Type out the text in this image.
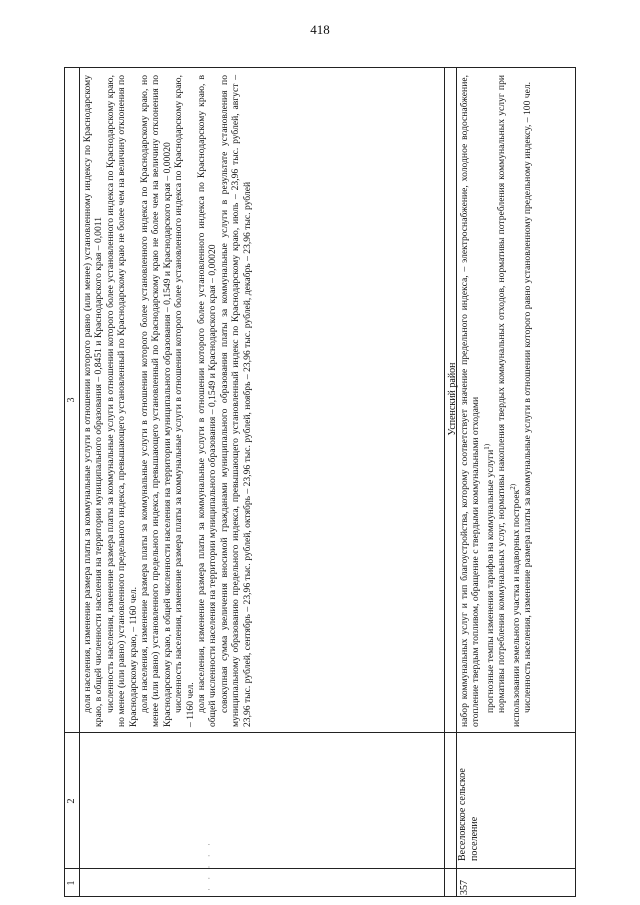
418
1
2
3
· · · · ·

доля населения, изменение размера платы за коммунальные услуги в отношении которого равно (или менее) установленному индексу по Краснодарскому краю, в общей численности населения на территории муниципального образования – 0,8451 и Краснодарского края – 0,0011 численность населения, изменение размера платы за коммунальные услуги в отношении которого более установленного индекса по Краснодарскому краю, но менее (или равно) установленного предельного индекса, превышающего установленный по Краснодарскому краю не более чем на величину отклонения по Краснодарскому краю, – 1160 чел. доля населения, изменение размера платы за коммунальные услуги в отношении которого более установленного индекса по Краснодарскому краю, но менее (или равно) установленного предельного индекса, превышающего установленный по Краснодарскому краю не более чем на величину отклонения по Краснодарскому краю, в общей численности населения на территории муниципального образования – 0,1549 и Краснодарского края – 0,00020 численность населения, изменение размера платы за коммунальные услуги в отношении которого более установленного индекса по Краснодарскому краю, – 1160 чел. доля населения, изменение размера платы за коммунальные услуги в отношении которого более установленного индекса по Краснодарскому краю, в общей численности населения на территории муниципального образования – 0,1549 и Краснодарского края – 0,00020 совокупная сумма увеличения вносимой гражданами муниципального образования платы за коммунальные услуги в результате установления по муниципальному образованию предельного индекса, превышающего установленный индекс по Краснодарскому краю, июль – 23,96 тыс. рублей, август – 23,96 тыс. рублей, сентябрь – 23,96 тыс. рублей, октябрь – 23,96 тыс. рублей, ноябрь – 23,96 тыс. рублей, декабрь – 23,96 тыс. рублей	Успенский район
357
Веселовское сельское поселение

набор коммунальных услуг и тип благоустройства, которому соответствует значение предельного индекса, – электроснабжение, холодное водоснабжение, отопление твердым топливом, обращение с твердыми коммунальными отходами прогнозные темпы изменения тарифов на коммунальные услуги$^{1)}$ нормативы потребления коммунальных услуг, нормативы накопления твердых коммунальных отходов, нормативы потребления коммунальных услуг при использовании земельного участка и надворных построек$^{2)}$ численность населения, изменение размера платы за коммунальные услуги в отношении которого равно установленному предельному индексу, – 100 чел.
